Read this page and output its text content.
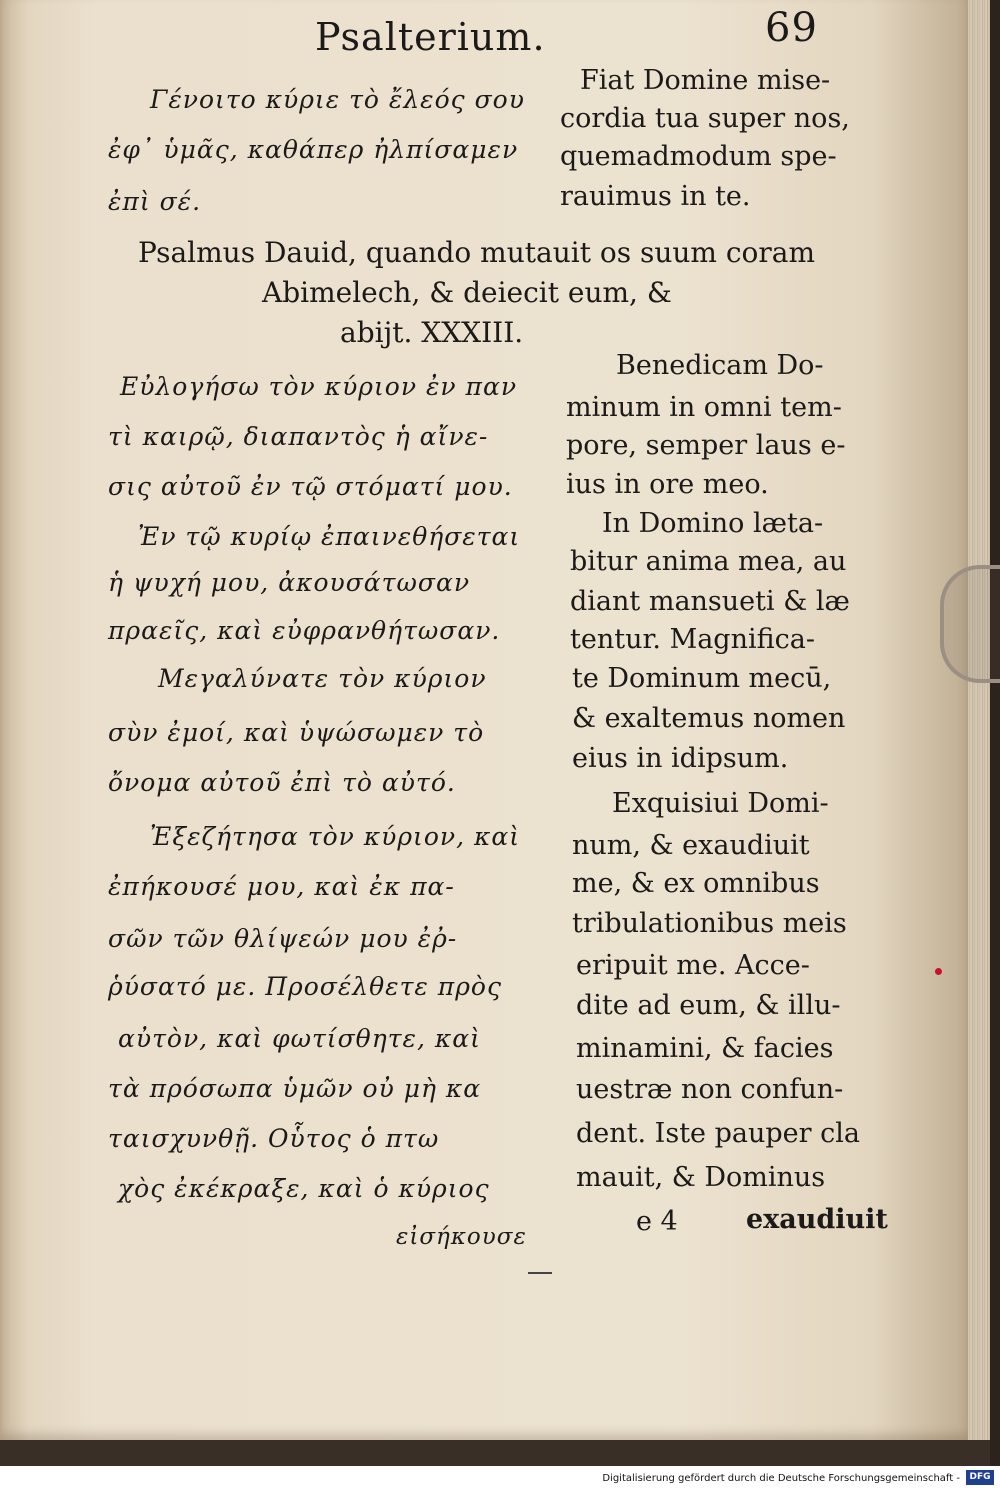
Psalterium.	69
Γένοιτο κύριε τὸ ἔλεός σου
ἐφ᾽ ὑμᾶς, καθάπερ ἠλπίσαμεν
ἐπὶ σέ.
Fiat Domine mise-
cordia tua super nos,
quemadmodum spe-
rauimus in te.
Psalmus Dauid, quando mutauit os suum coram
Abimelech, & deiecit eum, &
abijt. XXXIII.
Εὐλογήσω τὸν κύριον ἐν παν
τὶ καιρῷ, διαπαντὸς ἡ αἴνε-
σις αὐτοῦ ἐν τῷ στόματί μου.
Ἐν τῷ κυρίῳ ἐπαινεθήσεται
ἡ ψυχή μου, ἀκουσάτωσαν
πραεῖς, καὶ εὐφρανθήτωσαν.
Μεγαλύνατε τὸν κύριον
σὺν ἐμοί, καὶ ὑψώσωμεν τὸ
ὄνομα αὐτοῦ ἐπὶ τὸ αὐτό.
Ἐξεζήτησα τὸν κύριον, καὶ
ἐπήκουσέ μου, καὶ ἐκ πα-
σῶν τῶν θλίψεών μου ἐῤ-
ῥύσατό με. Προσέλθετε πρὸς
αὐτὸν, καὶ φωτίσθητε, καὶ
τὰ πρόσωπα ὑμῶν οὐ μὴ κα
ταισχυνθῇ. Οὗτος ὁ πτω
χὸς ἐκέκραξε, καὶ ὁ κύριος
εἰσήκουσε
Benedicam Do-
minum in omni tem-
pore, semper laus e-
ius in ore meo.
In Domino læta-
bitur anima mea, au
diant mansueti & læ
tentur. Magnifica-
te Dominum mecū,
& exaltemus nomen
eius in idipsum.
Exquisiui Domi-
num, & exaudiuit
me, & ex omnibus
tribulationibus meis
eripuit me. Acce-
dite ad eum, & illu-
minamini, & facies
uestræ non confun-
dent. Iste pauper cla
mauit, & Dominus
e 4	exaudiuit
Digitalisierung gefördert durch die Deutsche Forschungsgemeinschaft -	DFG
